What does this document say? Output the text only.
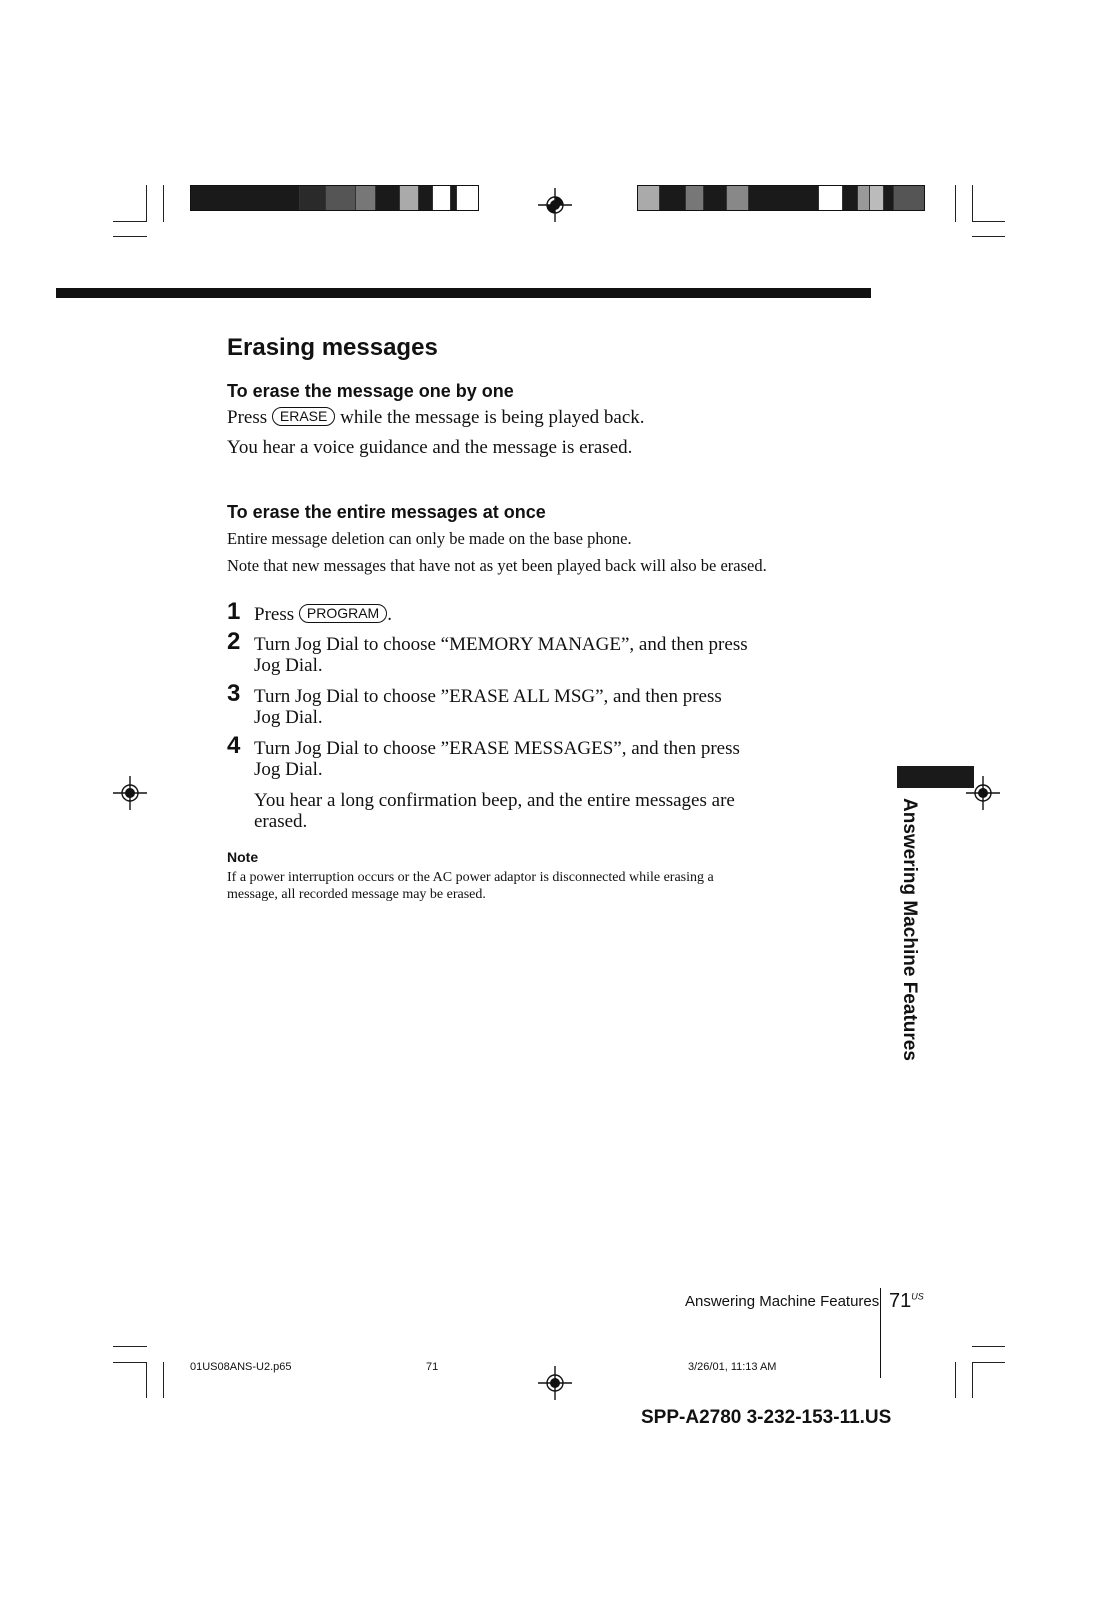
Erasing messages
To erase the message one by one

Press ERASE while the message is being played back.

You hear a voice guidance and the message is erased.

To erase the entire messages at once

Entire message deletion can only be made on the base phone.

Note that new messages that have not as yet been played back will also be erased.

1 Press PROGRAM .
2 Turn Jog Dial to choose “MEMORY MANAGE”, and then press Jog Dial.
3 Turn Jog Dial to choose ”ERASE ALL MSG”, and then press Jog Dial.
4 Turn Jog Dial to choose ”ERASE MESSAGES”, and then press Jog Dial.

You hear a long confirmation beep, and the entire messages are erased.

Note
If a power interruption occurs or the AC power adaptor is disconnected while erasing a message, all recorded message may be erased.	Answering Machine Features
Answering Machine Features $71^{US}$
01US08ANS-U2.p65	71	3/26/01, 11:13 AM
SPP-A2780 3-232-153-11.US
